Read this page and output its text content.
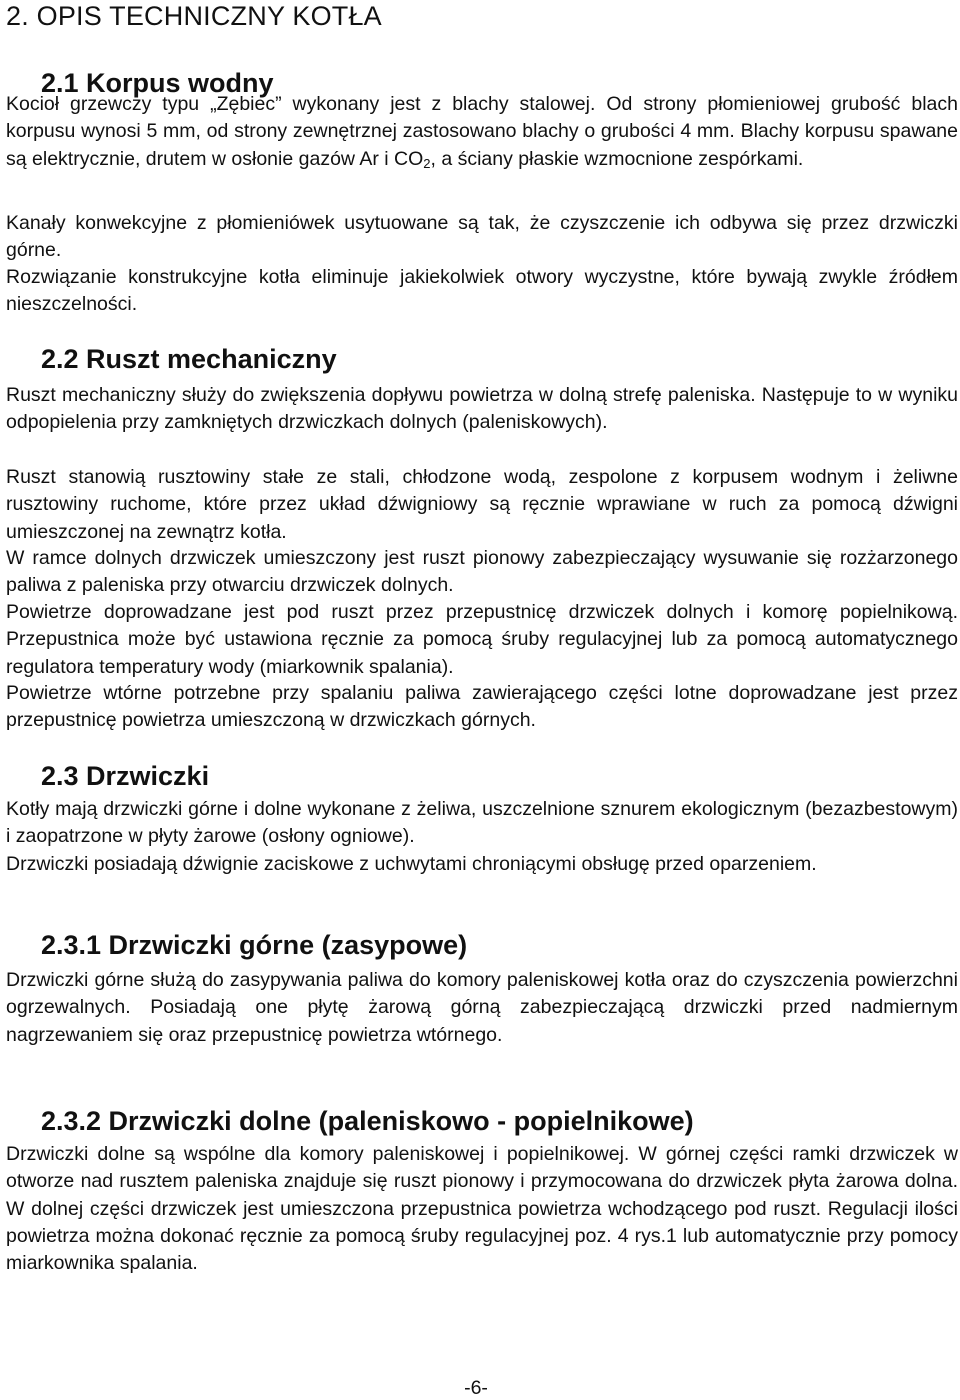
2. OPIS TECHNICZNY KOTŁA
2.1 Korpus wodny

Kocioł grzewczy typu „Zębiec” wykonany jest z blachy stalowej. Od strony płomieniowej grubość blach korpusu wynosi 5 mm, od strony zewnętrznej zastosowano blachy o grubości 4 mm. Blachy korpusu spawane są elektrycznie, drutem w osłonie gazów Ar i $CO_2$, a ściany płaskie wzmocnione zespórkami.

Kanały konwekcyjne z płomieniówek usytuowane są tak, że czyszczenie ich odbywa się przez drzwiczki górne.

Rozwiązanie konstrukcyjne kotła eliminuje jakiekolwiek otwory wyczystne, które bywają zwykle źródłem nieszczelności.

2.2 Ruszt mechaniczny

Ruszt mechaniczny służy do zwiększenia dopływu powietrza w dolną strefę paleniska. Następuje to w wyniku odpopielenia przy zamkniętych drzwiczkach dolnych (paleniskowych).

Ruszt stanowią rusztowiny stałe ze stali, chłodzone wodą, zespolone z korpusem wodnym i żeliwne rusztowiny ruchome, które przez układ dźwigniowy są ręcznie wprawiane w ruch za pomocą dźwigni umieszczonej na zewnątrz kotła.

W ramce dolnych drzwiczek umieszczony jest ruszt pionowy zabezpieczający wysuwanie się rozżarzonego paliwa z paleniska przy otwarciu drzwiczek dolnych.

Powietrze doprowadzane jest pod ruszt przez przepustnicę drzwiczek dolnych i komorę popielnikową. Przepustnica może być ustawiona ręcznie za pomocą śruby regulacyjnej lub za pomocą automatycznego regulatora temperatury wody (miarkownik spalania).

Powietrze wtórne potrzebne przy spalaniu paliwa zawierającego części lotne doprowadzane jest przez przepustnicę powietrza umieszczoną w drzwiczkach górnych.

2.3 Drzwiczki

Kotły mają drzwiczki górne i dolne wykonane z żeliwa, uszczelnione sznurem ekologicznym (bezazbestowym) i zaopatrzone w płyty żarowe (osłony ogniowe).

Drzwiczki posiadają dźwignie zaciskowe z uchwytami chroniącymi obsługę przed oparzeniem.

2.3.1 Drzwiczki górne (zasypowe)

Drzwiczki górne służą do zasypywania paliwa do komory paleniskowej kotła oraz do czyszczenia powierzchni ogrzewalnych. Posiadają one płytę żarową górną zabezpieczającą drzwiczki przed nadmiernym nagrzewaniem się oraz przepustnicę powietrza wtórnego.

2.3.2 Drzwiczki dolne (paleniskowo - popielnikowe)

Drzwiczki dolne są wspólne dla komory paleniskowej i popielnikowej. W górnej części ramki drzwiczek w otworze nad rusztem paleniska znajduje się ruszt pionowy i przymocowana do drzwiczek płyta żarowa dolna. W dolnej części drzwiczek jest umieszczona przepustnica powietrza wchodzącego pod ruszt. Regulacji ilości powietrza można dokonać ręcznie za pomocą śruby regulacyjnej poz. 4 rys.1 lub automatycznie przy pomocy miarkownika spalania.

-6-
